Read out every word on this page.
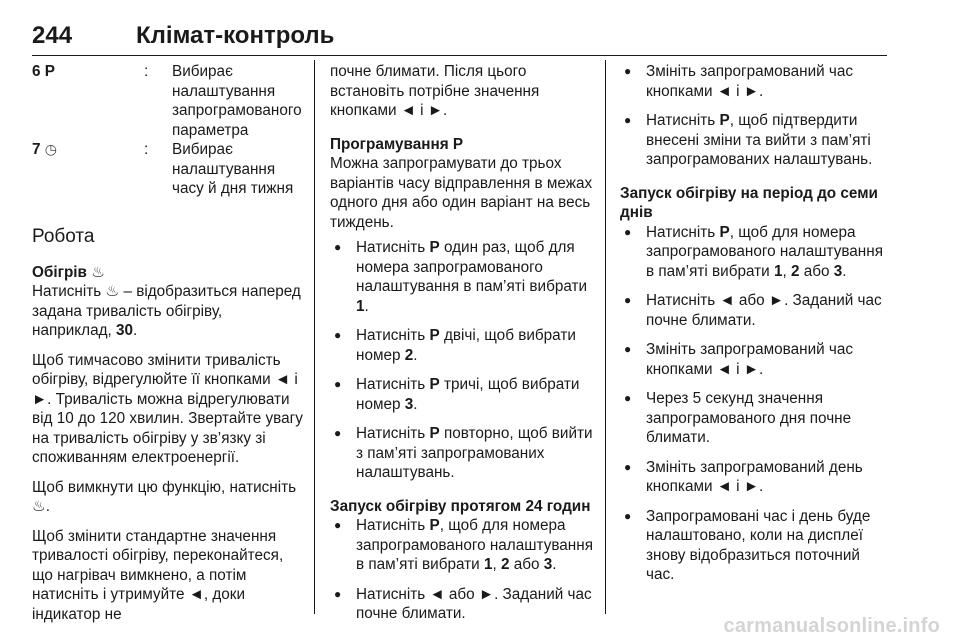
244	Клімат-контроль
6 P	: Вибирає налаштування запрограмованого параметра

7 ◷	: Вибирає налаштування часу й дня тижня

Робота

Обігрів ♨

Натисніть ♨ – відобразиться наперед задана тривалість обігріву, наприклад, 30.

Щоб тимчасово змінити тривалість обігріву, відрегулюйте її кнопками ◄ і ►. Тривалість можна відрегулювати від 10 до 120 хвилин. Звертайте увагу на тривалість обігріву у зв’язку зі споживанням електроенергії.

Щоб вимкнути цю функцію, натисніть ♨.

Щоб змінити стандартне значення тривалості обігріву, переконайтеся, що нагрівач вимкнено, а потім натисніть і утримуйте ◄, доки індикатор не

почне блимати. Після цього встановіть потрібне значення кнопками ◄ і ►.

Програмування P

Можна запрограмувати до трьох варіантів часу відправлення в межах одного дня або один варіант на весь тиждень.

● Натисніть P один раз, щоб для номера запрограмованого налаштування в пам’яті вибрати 1.
● Натисніть P двічі, щоб вибрати номер 2.
● Натисніть P тричі, щоб вибрати номер 3.
● Натисніть P повторно, щоб вийти з пам’яті запрограмованих налаштувань.

Запуск обігріву протягом 24 годин

● Натисніть P, щоб для номера запрограмованого налаштування в пам’яті вибрати 1, 2 або 3.
● Натисніть ◄ або ►. Заданий час почне блимати.
● Змініть запрограмований час кнопками ◄ і ►.
● Натисніть P, щоб підтвердити внесені зміни та вийти з пам’яті запрограмованих налаштувань.

Запуск обігріву на період до семи днів

● Натисніть P, щоб для номера запрограмованого налаштування в пам’яті вибрати 1, 2 або 3.
● Натисніть ◄ або ►. Заданий час почне блимати.
● Змініть запрограмований час кнопками ◄ і ►.
● Через 5 секунд значення запрограмованого дня почне блимати.
● Змініть запрограмований день кнопками ◄ і ►.
● Запрограмовані час і день буде налаштовано, коли на дисплеї знову відобразиться поточний час.
carmanualsonline.info
